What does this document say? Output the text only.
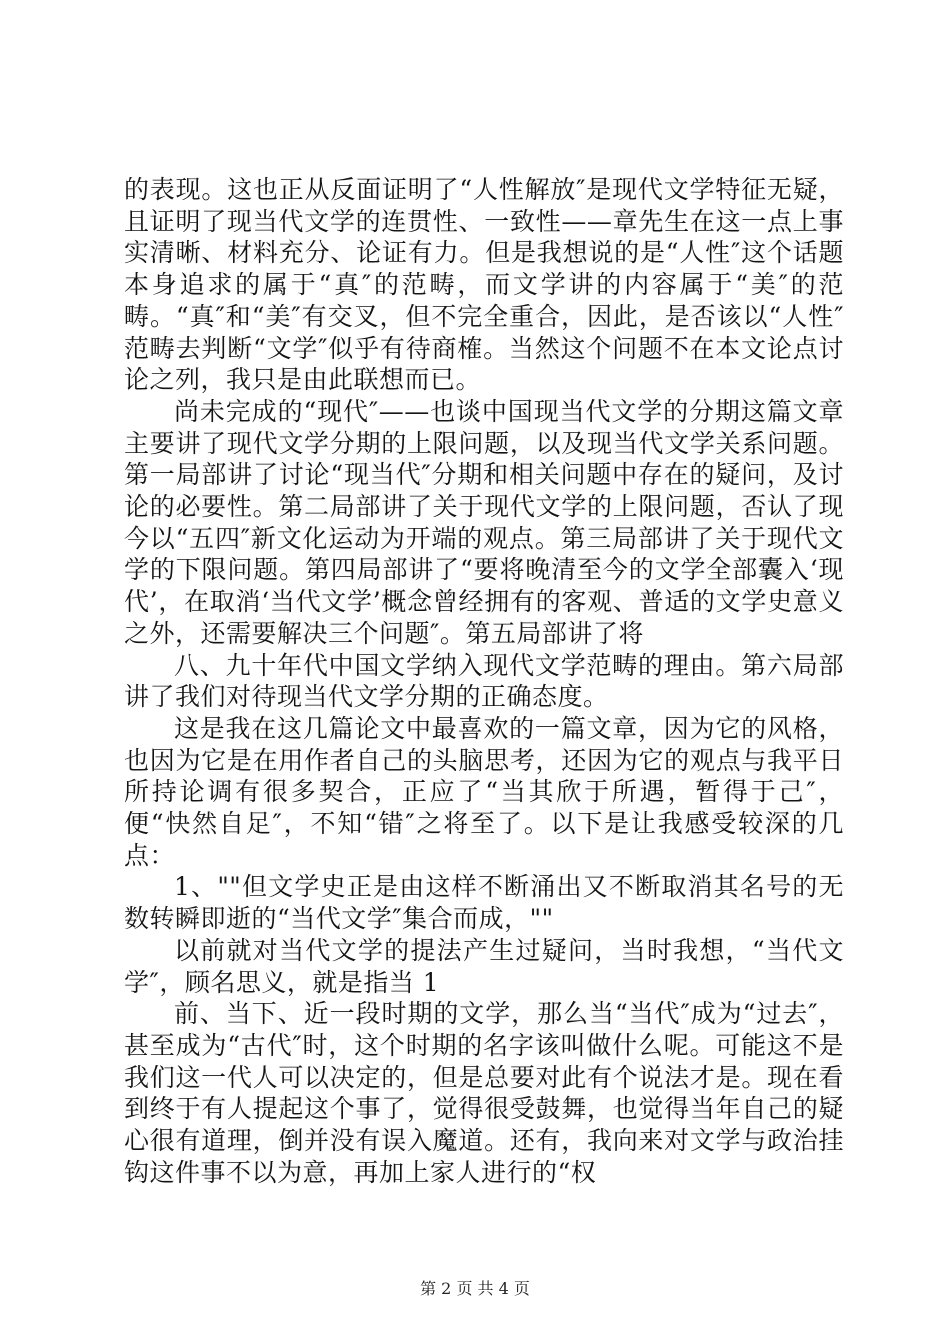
的表现。这也正从反面证明了“人性解放″是现代文学特征无疑，且证明了现当代文学的连贯性、一致性——章先生在这一点上事实清晰、材料充分、论证有力。但是我想说的是“人性″这个话题本身追求的属于“真″的范畴，而文学讲的内容属于“美″的范畴。“真″和“美″有交叉，但不完全重合，因此，是否该以“人性″范畴去判断“文学″似乎有待商榷。当然这个问题不在本文论点讨论之列，我只是由此联想而已。

尚未完成的“现代″——也谈中国现当代文学的分期这篇文章主要讲了现代文学分期的上限问题，以及现当代文学关系问题。第一局部讲了讨论“现当代″分期和相关问题中存在的疑问，及讨论的必要性。第二局部讲了关于现代文学的上限问题，否认了现今以“五四″新文化运动为开端的观点。第三局部讲了关于现代文学的下限问题。第四局部讲了“要将晚清至今的文学全部囊入‘现代’，在取消‘当代文学’概念曾经拥有的客观、普适的文学史意义之外，还需要解决三个问题″。第五局部讲了将

八、九十年代中国文学纳入现代文学范畴的理由。第六局部讲了我们对待现当代文学分期的正确态度。

这是我在这几篇论文中最喜欢的一篇文章，因为它的风格，也因为它是在用作者自己的头脑思考，还因为它的观点与我平日所持论调有很多契合，正应了“当其欣于所遇，暂得于己″，便“快然自足″，不知“错″之将至了。以下是让我感受较深的几点：

1、""但文学史正是由这样不断涌出又不断取消其名号的无数转瞬即逝的“当代文学″集合而成，""

以前就对当代文学的提法产生过疑问，当时我想，“当代文学″，顾名思义，就是指当 1

前、当下、近一段时期的文学，那么当“当代″成为“过去″，甚至成为“古代″时，这个时期的名字该叫做什么呢。可能这不是我们这一代人可以决定的，但是总要对此有个说法才是。现在看到终于有人提起这个事了，觉得很受鼓舞，也觉得当年自己的疑心很有道理，倒并没有误入魔道。还有，我向来对文学与政治挂钩这件事不以为意，再加上家人进行的“权

第 2 页 共 4 页
